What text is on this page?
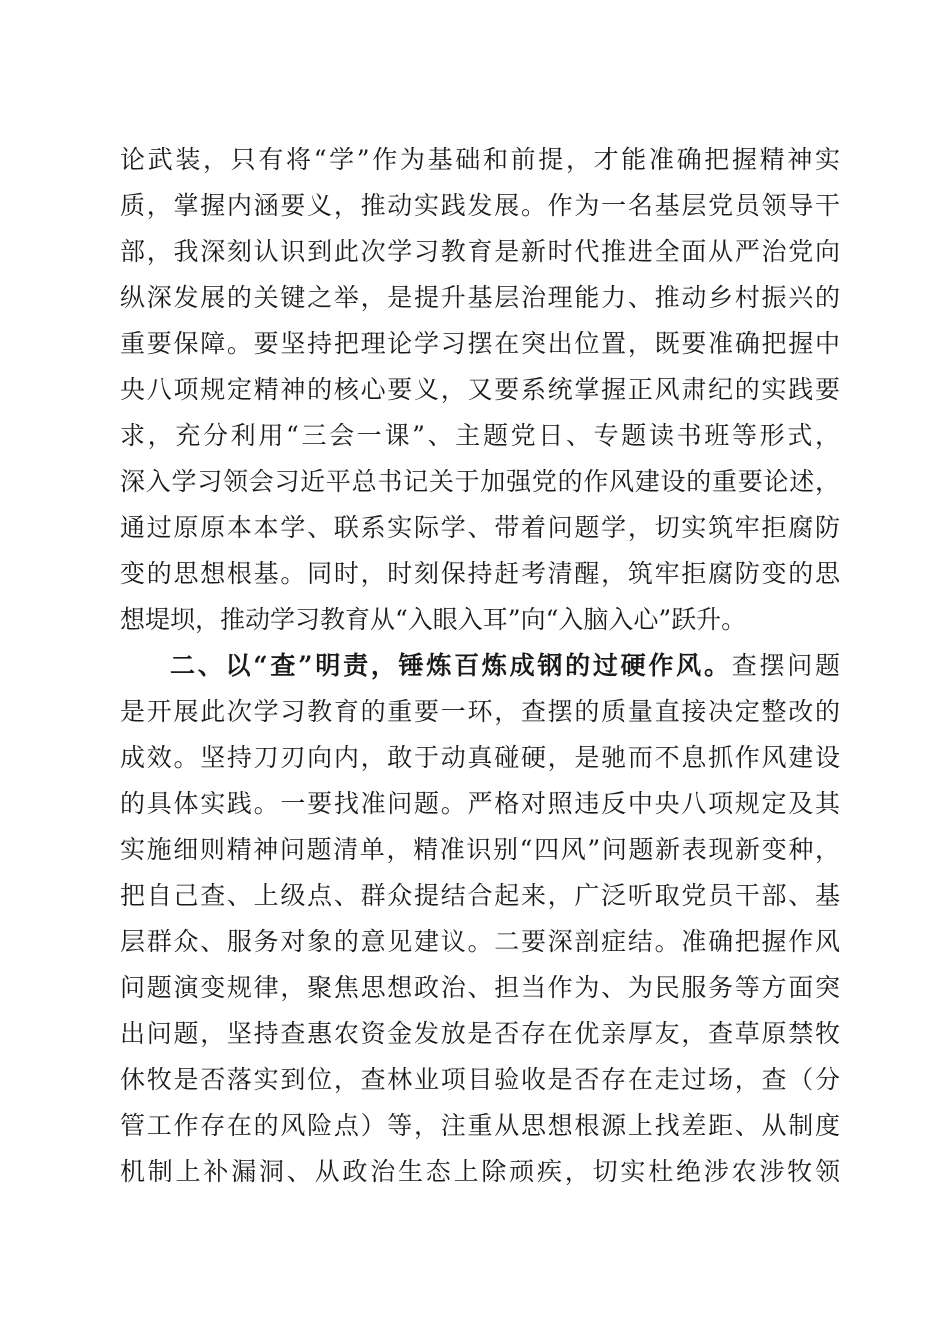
论武装，只有将“学”作为基础和前提，才能准确把握精神实
质，掌握内涵要义，推动实践发展。作为一名基层党员领导干
部，我深刻认识到此次学习教育是新时代推进全面从严治党向
纵深发展的关键之举，是提升基层治理能力、推动乡村振兴的
重要保障。要坚持把理论学习摆在突出位置，既要准确把握中
央八项规定精神的核心要义，又要系统掌握正风肃纪的实践要
求，充分利用“三会一课”、主题党日、专题读书班等形式，
深入学习领会习近平总书记关于加强党的作风建设的重要论述，
通过原原本本学、联系实际学、带着问题学，切实筑牢拒腐防
变的思想根基。同时，时刻保持赶考清醒，筑牢拒腐防变的思
想堤坝，推动学习教育从“入眼入耳”向“入脑入心”跃升。
二、以“查”明责，锤炼百炼成钢的过硬作风。查摆问题
是开展此次学习教育的重要一环，查摆的质量直接决定整改的
成效。坚持刀刃向内，敢于动真碰硬，是驰而不息抓作风建设
的具体实践。一要找准问题。严格对照违反中央八项规定及其
实施细则精神问题清单，精准识别“四风”问题新表现新变种，
把自己查、上级点、群众提结合起来，广泛听取党员干部、基
层群众、服务对象的意见建议。二要深剖症结。准确把握作风
问题演变规律，聚焦思想政治、担当作为、为民服务等方面突
出问题，坚持查惠农资金发放是否存在优亲厚友，查草原禁牧
休牧是否落实到位，查林业项目验收是否存在走过场，查（分
管工作存在的风险点）等，注重从思想根源上找差距、从制度
机制上补漏洞、从政治生态上除顽疾，切实杜绝涉农涉牧领
